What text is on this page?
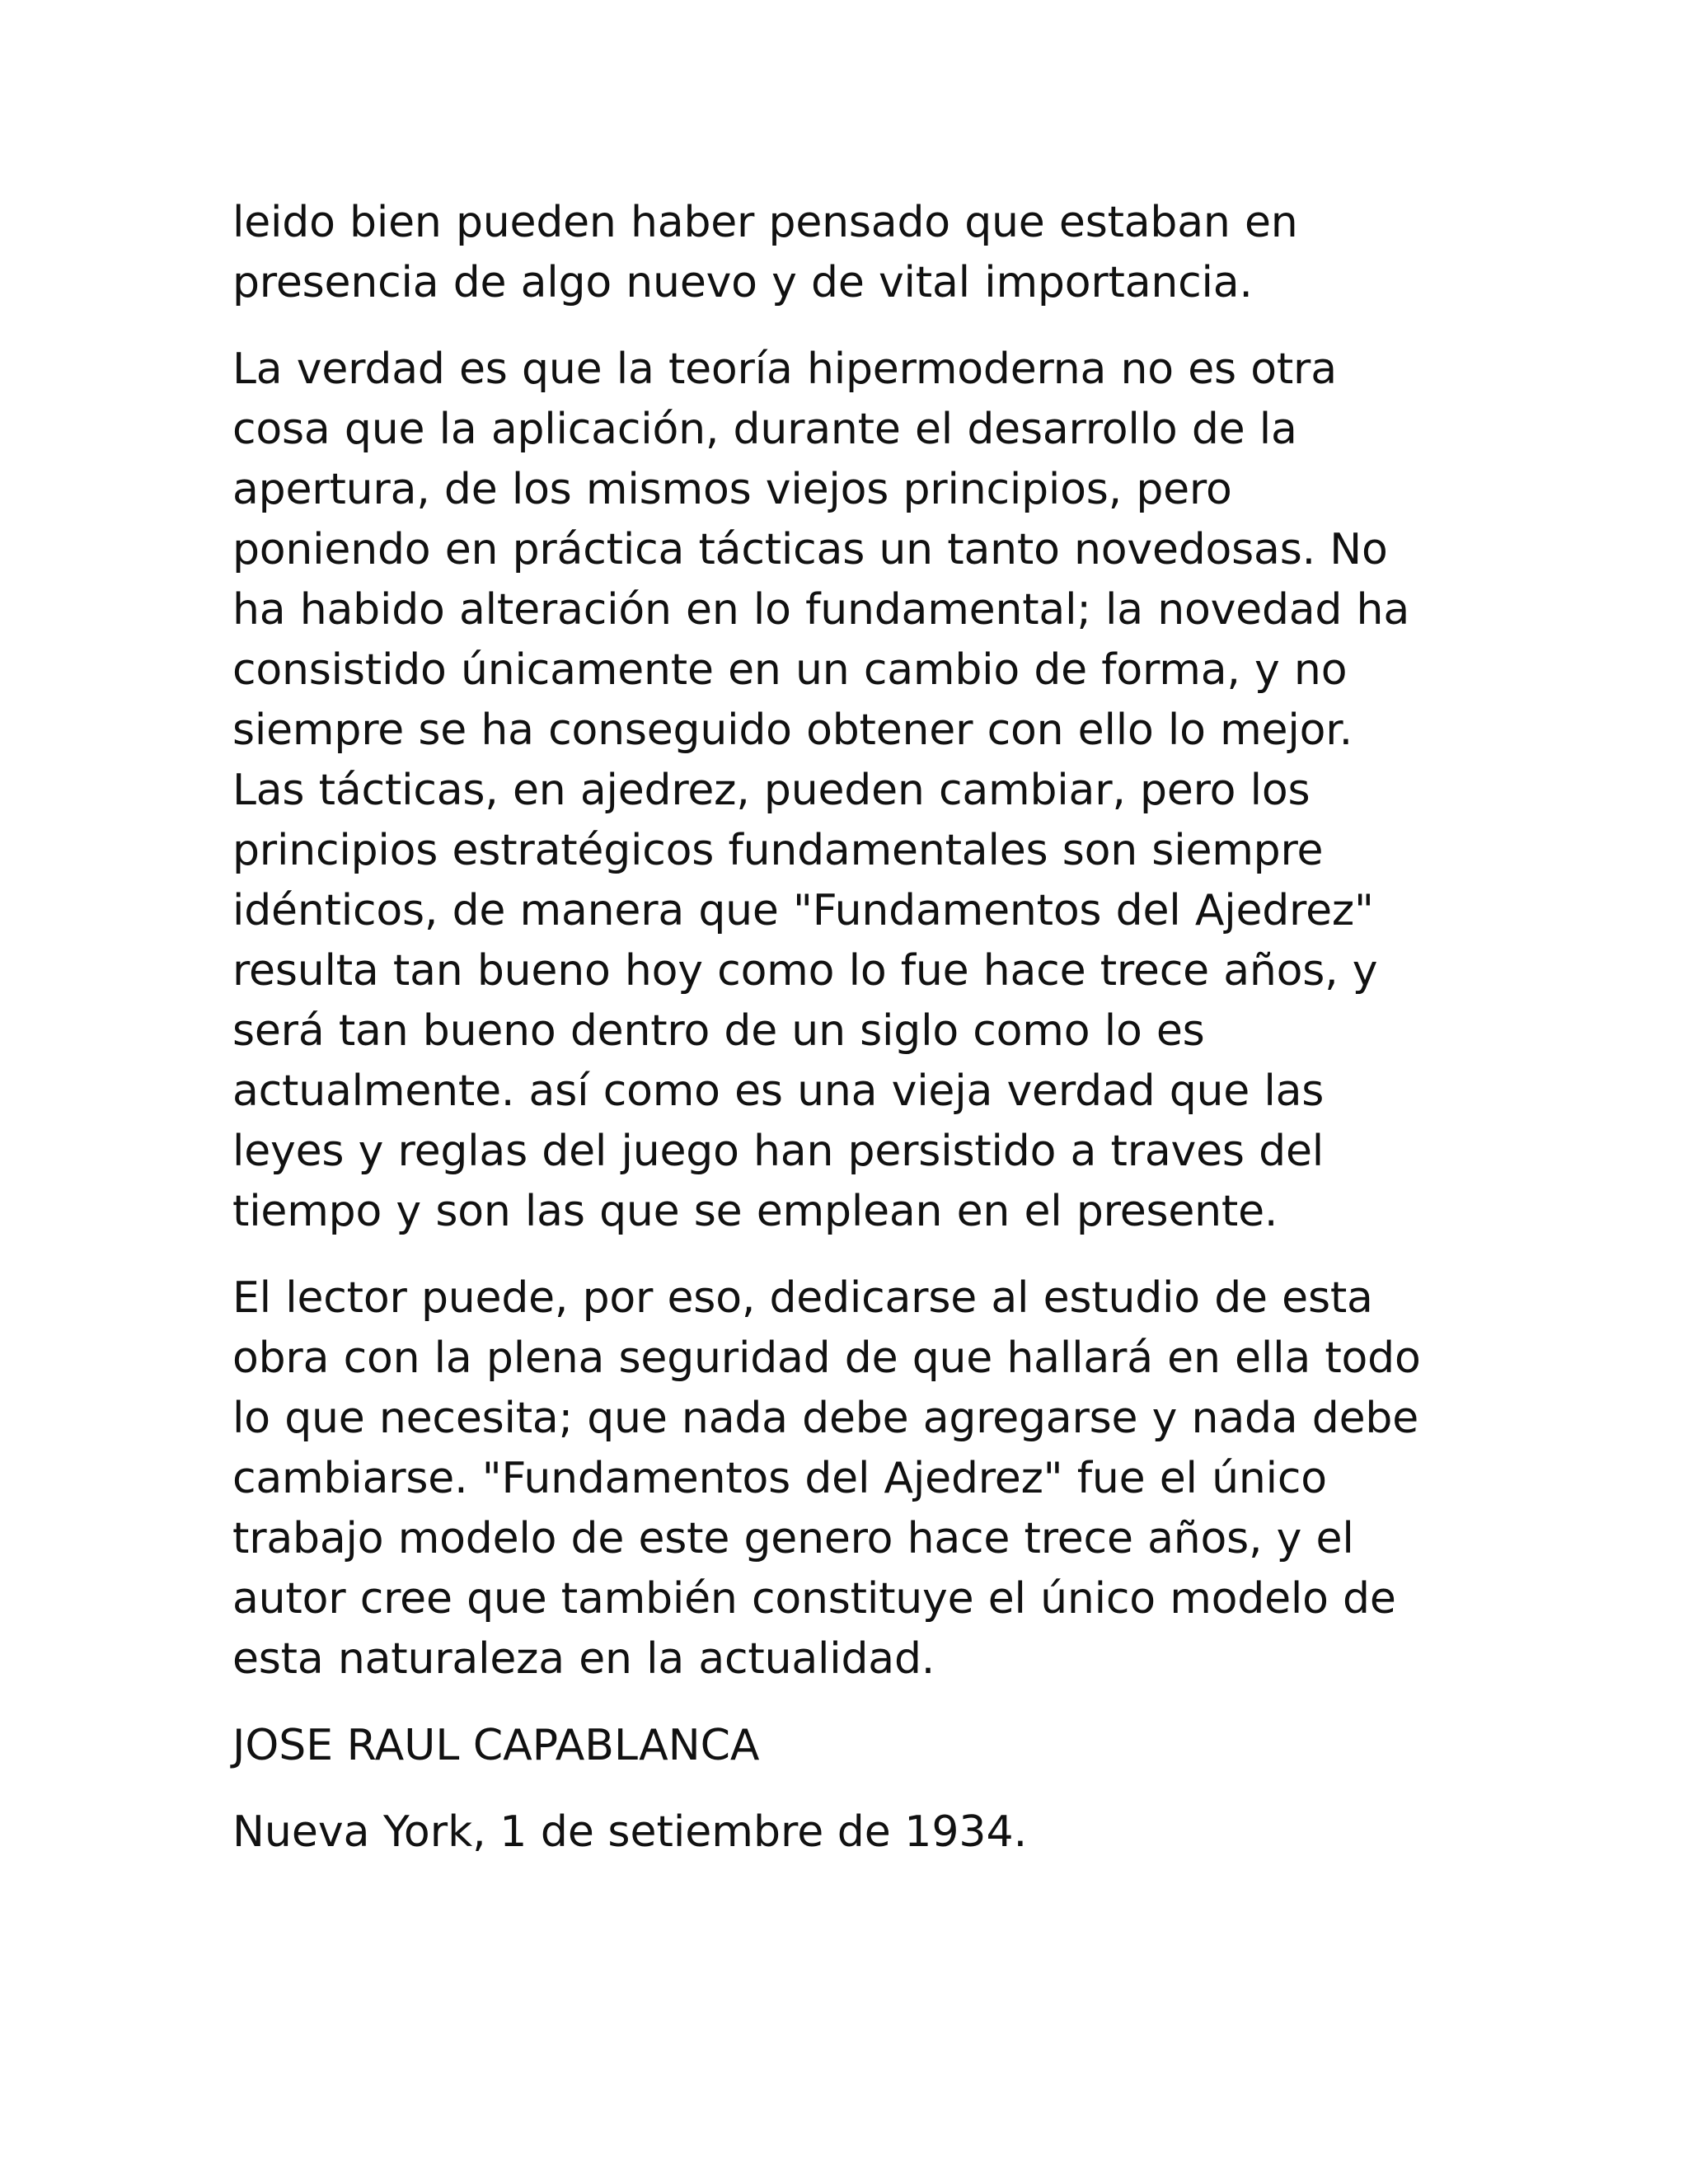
leido bien pueden haber pensado que estaban en
presencia de algo nuevo y de vital importancia.

La verdad es que la teoría hipermoderna no es otra
cosa que la aplicación, durante el desarrollo de la
apertura, de los mismos viejos principios, pero
poniendo en práctica tácticas un tanto novedosas. No
ha habido alteración en lo fundamental; la novedad ha
consistido únicamente en un cambio de forma, y no
siempre se ha conseguido obtener con ello lo mejor.
Las tácticas, en ajedrez, pueden cambiar, pero los
principios estratégicos fundamentales son siempre
idénticos, de manera que "Fundamentos del Ajedrez"
resulta tan bueno hoy como lo fue hace trece años, y
será tan bueno dentro de un siglo como lo es
actualmente. así como es una vieja verdad que las
leyes y reglas del juego han persistido a traves del
tiempo y son las que se emplean en el presente.

El lector puede, por eso, dedicarse al estudio de esta
obra con la plena seguridad de que hallará en ella todo
lo que necesita; que nada debe agregarse y nada debe
cambiarse. "Fundamentos del Ajedrez" fue el único
trabajo modelo de este genero hace trece años, y el
autor cree que también constituye el único modelo de
esta naturaleza en la actualidad.

JOSE RAUL CAPABLANCA

Nueva York, 1 de setiembre de 1934.
